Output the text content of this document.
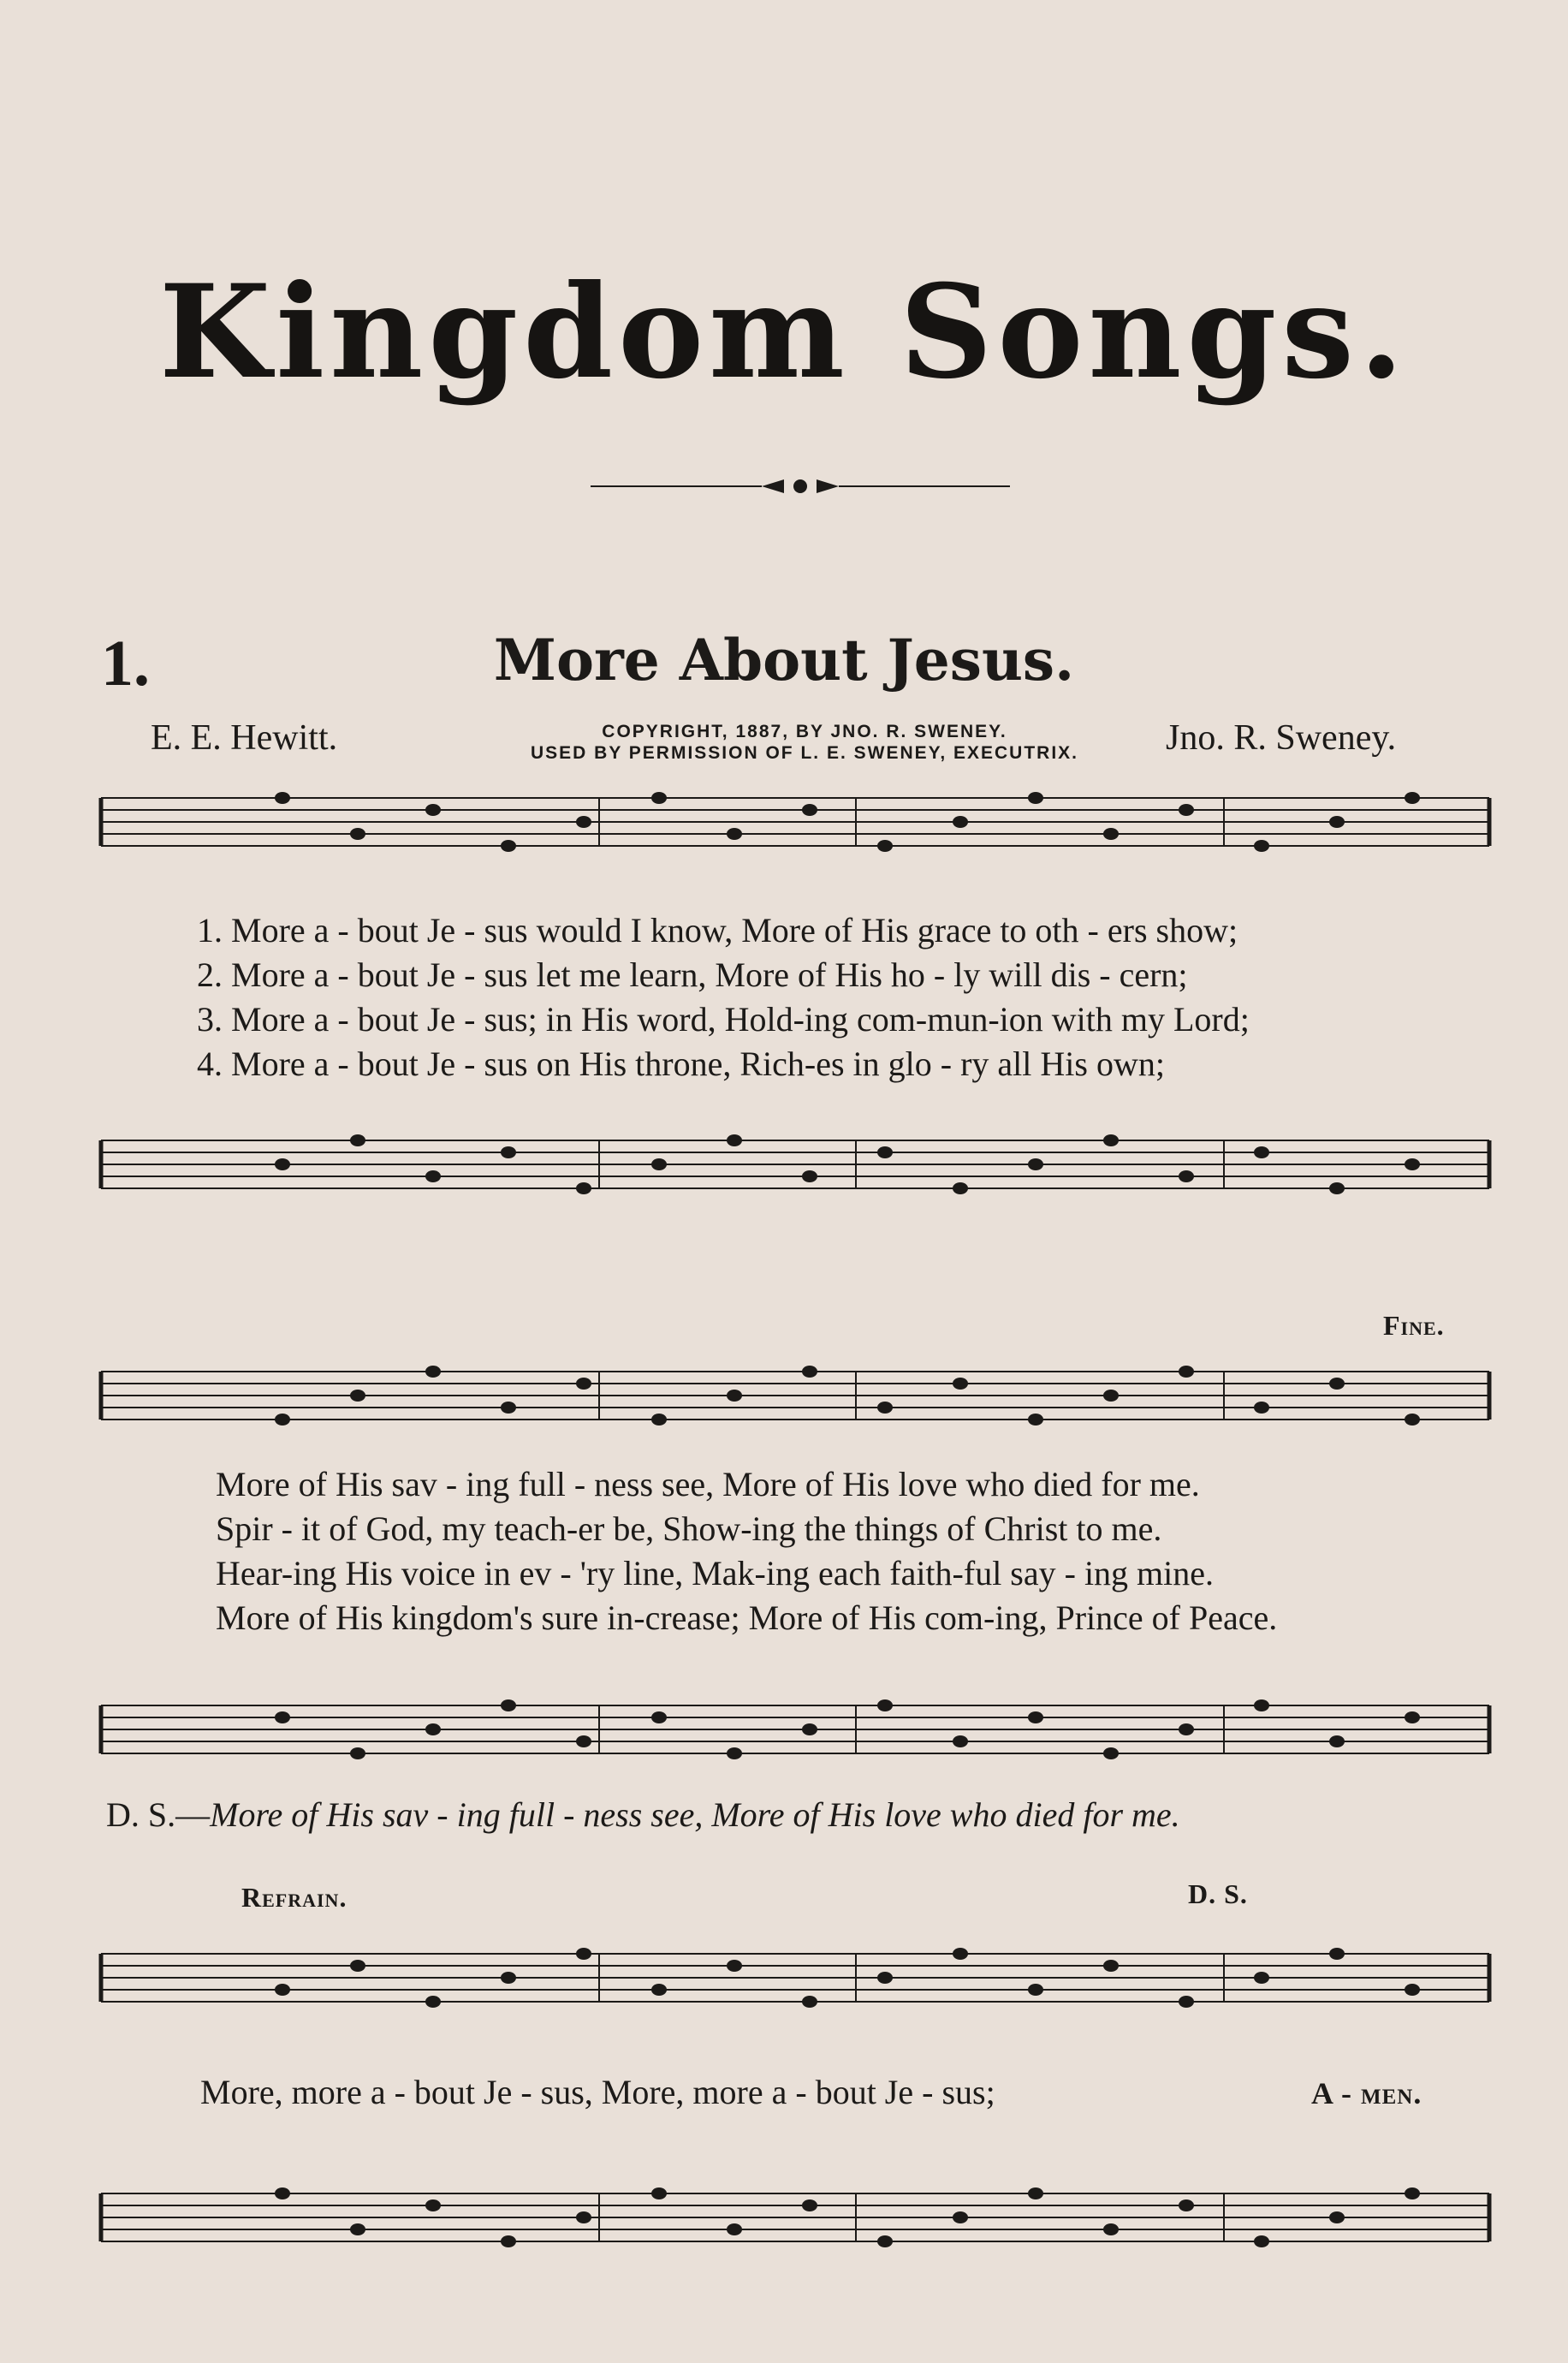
Kingdom Songs.
1.	More About Jesus.
E. E. Hewitt.	COPYRIGHT, 1887, BY JNO. R. SWENEY.
USED BY PERMISSION OF L. E. SWENEY, EXECUTRIX.	Jno. R. Sweney.
1. More a - bout Je - sus would I know, More of His grace to oth - ers show;
2. More a - bout Je - sus let me learn, More of His ho - ly will dis - cern;
3. More a - bout Je - sus; in His word, Hold-ing com-mun-ion with my Lord;
4. More a - bout Je - sus on His throne, Rich-es in glo - ry all His own;
Fine.
More of His sav - ing full - ness see, More of His love who died for me.
Spir - it of God, my teach-er be, Show-ing the things of Christ to me.
Hear-ing His voice in ev - 'ry line, Mak-ing each faith-ful say - ing mine.
More of His kingdom's sure in-crease; More of His com-ing, Prince of Peace.
D. S.—More of His sav - ing full - ness see, More of His love who died for me.
Refrain.	D. S.
More, more a - bout Je - sus, More, more a - bout Je - sus;	A - men.
